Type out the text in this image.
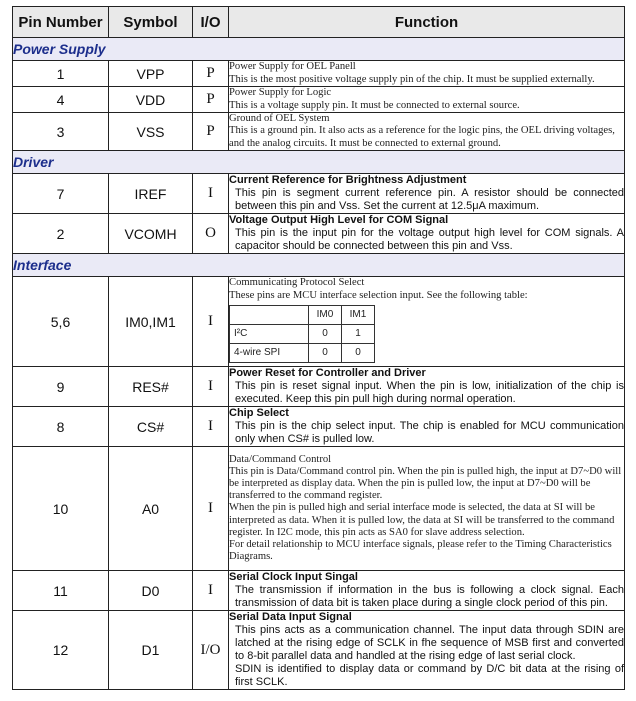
Pin Number	Symbol	I/O	Function
Power Supply
1	VPP	P	Power Supply for OEL Panell

This is the most positive voltage supply pin of the chip. It must be supplied externally.

4	VDD	P	Power Supply for Logic

This is a voltage supply pin. It must be connected to external source.

3	VSS	P	

Ground of OEL System

This is a ground pin. It also acts as a reference for the logic pins, the OEL driving voltages, and the analog circuits. It must be connected to external ground.

Driver
7	IREF	I	
Current Reference for Brightness Adjustment
This pin is segment current reference pin. A resistor should be connected between this pin and Vss. Set the current at 12.5μA maximum.

2	VCOMH	O	
Voltage Output High Level for COM Signal
This pin is the input pin for the voltage output high level for COM signals. A capacitor should be connected between this pin and Vss.

Interface
5,6	IM0,IM1	I	

Communicating Protocol Select

These pins are MCU interface selection input. See the following table:

	IM0	IM1
I²C	0	1
4-wire SPI	0	0

9	RES#	I	
Power Reset for Controller and Driver
This pin is reset signal input. When the pin is low, initialization of the chip is executed. Keep this pin pull high during normal operation.

8	CS#	I	
Chip Select
This pin is the chip select input. The chip is enabled for MCU communication only when CS# is pulled low.

10	A0	I	

Data/Command Control

This pin is Data/Command control pin. When the pin is pulled high, the input at D7~D0 will be interpreted as display data. When the pin is pulled low, the input at D7~D0 will be transferred to the command register.

When the pin is pulled high and serial interface mode is selected, the data at SI will be interpreted as data. When it is pulled low, the data at SI will be transferred to the command register. In I2C mode, this pin acts as SA0 for slave address selection.

For detail relationship to MCU interface signals, please refer to the Timing Characteristics Diagrams.

11	D0	I	
Serial Clock Input Singal
The transmission if information in the bus is following a clock signal. Each transmission of data bit is taken place during a single clock period of this pin.

12	D1	I/O	
Serial Data Input Signal

This pins acts as a communication channel. The input data through SDIN are latched at the rising edge of SCLK in fhe sequence of MSB first and converted to 8-bit parallel data and handled at the rising edge of last serial clock.

SDIN is identified to display data or command by D/C bit data at the rising of first SCLK.
